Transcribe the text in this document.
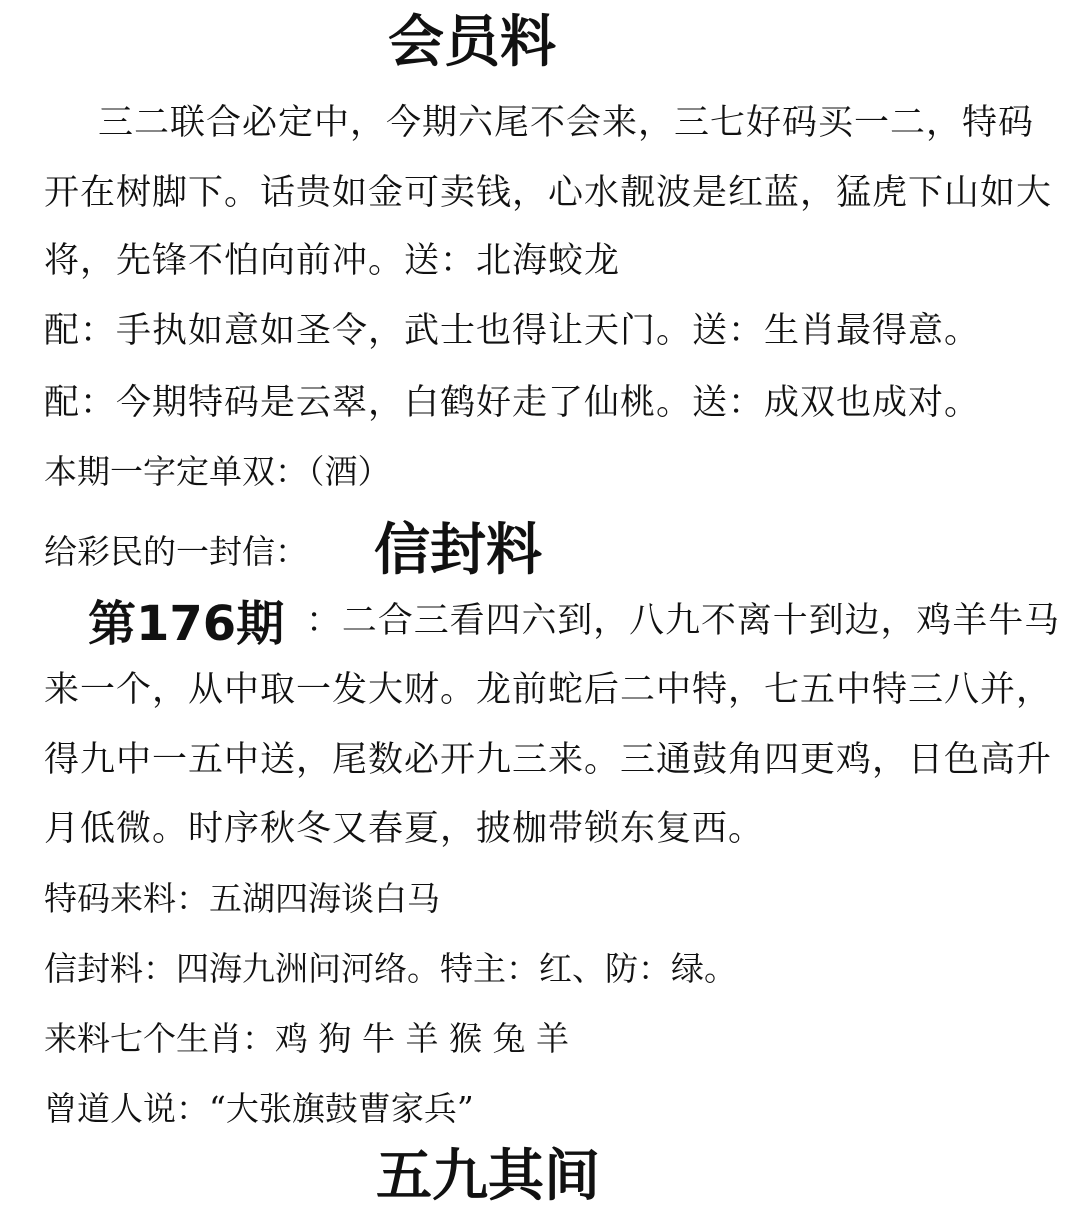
会员料
三二联合必定中，今期六尾不会来，三七好码买一二，特码
开在树脚下。话贵如金可卖钱，心水靓波是红蓝，猛虎下山如大
将，先锋不怕向前冲。送：北海蛟龙
配：手执如意如圣令，武士也得让天门。送：生肖最得意。
配：今期特码是云翠，白鹤好走了仙桃。送：成双也成对。
本期一字定单双：（酒）
给彩民的一封信： 信封料
第176期 ：二合三看四六到，八九不离十到边，鸡羊牛马
来一个，从中取一发大财。龙前蛇后二中特，七五中特三八并，
得九中一五中送，尾数必开九三来。三通鼓角四更鸡，日色高升
月低微。时序秋冬又春夏，披枷带锁东复西。
特码来料：五湖四海谈白马
信封料：四海九洲问河络。特主：红、防：绿。
来料七个生肖：鸡 狗 牛 羊 猴 兔 羊
曾道人说：“大张旗鼓曹家兵”
五九其间
